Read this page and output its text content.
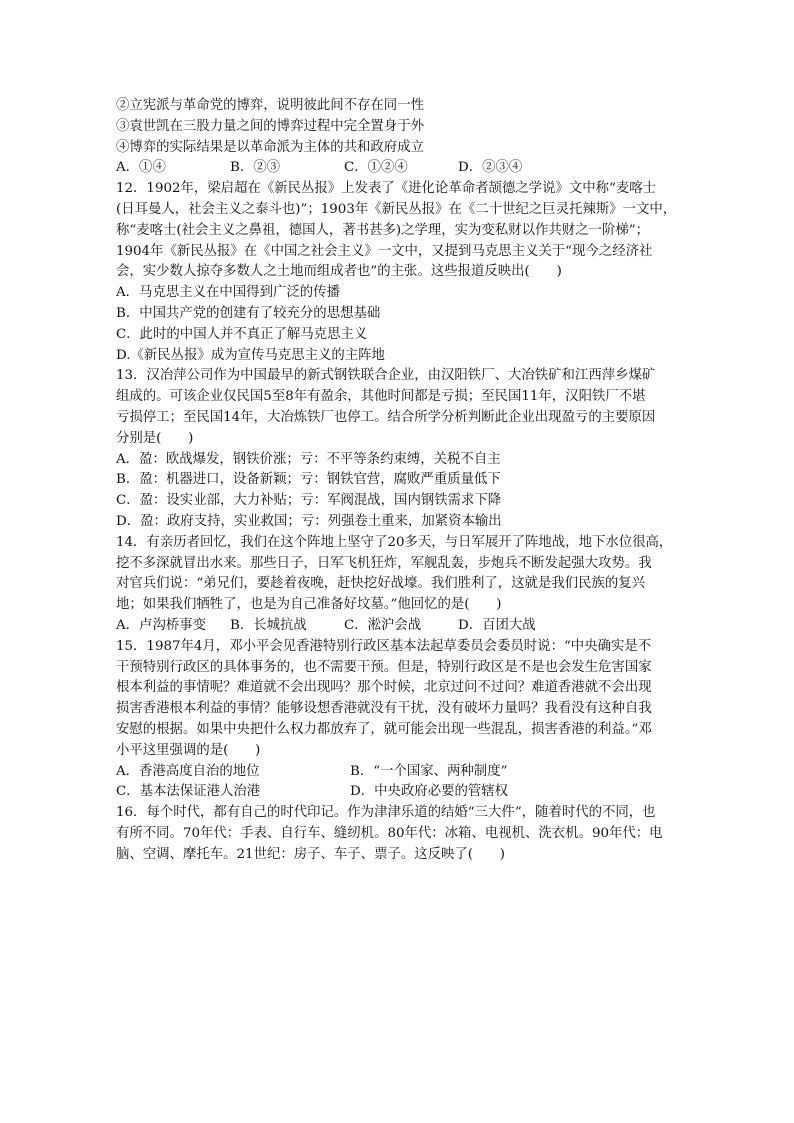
②立宪派与革命党的博弈，说明彼此间不存在同一性
③袁世凯在三股力量之间的博弈过程中完全置身于外
④博弈的实际结果是以革命派为主体的共和政府成立
A．①④	B．②③	C．①②④	D．②③④
12．1902年，梁启超在《新民丛报》上发表了《进化论革命者颉德之学说》文中称“麦喀士
(日耳曼人，社会主义之泰斗也)”；1903年《新民丛报》在《二十世纪之巨灵托辣斯》一文中，
称“麦喀士(社会主义之鼻祖，德国人，著书甚多)之学理，实为变私财以作共财之一阶梯”；
1904年《新民丛报》在《中国之社会主义》一文中，又提到马克思主义关于“现今之经济社
会，实少数人掠夺多数人之土地而组成者也”的主张。这些报道反映出(　　)
A．马克思主义在中国得到广泛的传播
B．中国共产党的创建有了较充分的思想基础
C．此时的中国人并不真正了解马克思主义
D.《新民丛报》成为宣传马克思主义的主阵地
13．汉冶萍公司作为中国最早的新式钢铁联合企业，由汉阳铁厂、大冶铁矿和江西萍乡煤矿
组成的。可该企业仅民国5至8年有盈余，其他时间都是亏损；至民国11年，汉阳铁厂不堪
亏损停工；至民国14年，大冶炼铁厂也停工。结合所学分析判断此企业出现盈亏的主要原因
分别是(　　)
A．盈：欧战爆发，钢铁价涨；亏：不平等条约束缚，关税不自主
B．盈：机器进口，设备新颖；亏：钢铁官营，腐败严重质量低下
C．盈：设实业部，大力补贴；亏：军阀混战，国内钢铁需求下降
D．盈：政府支持，实业救国；亏：列强卷土重来，加紧资本输出
14．有亲历者回忆，我们在这个阵地上坚守了20多天，与日军展开了阵地战，地下水位很高，
挖不多深就冒出水来。那些日子，日军飞机狂炸，军舰乱轰，步炮兵不断发起强大攻势。我
对官兵们说：“弟兄们，要趁着夜晚，赶快挖好战壕。我们胜利了，这就是我们民族的复兴
地；如果我们牺牲了，也是为自己准备好坟墓。”他回忆的是(　　)
A．卢沟桥事变	B．长城抗战	C．淞沪会战	D．百团大战
15．1987年4月，邓小平会见香港特别行政区基本法起草委员会委员时说：“中央确实是不
干预特别行政区的具体事务的，也不需要干预。但是，特别行政区是不是也会发生危害国家
根本利益的事情呢？难道就不会出现吗？那个时候，北京过问不过问？难道香港就不会出现
损害香港根本利益的事情？能够设想香港就没有干扰，没有破坏力量吗？我看没有这种自我
安慰的根据。如果中央把什么权力都放弃了，就可能会出现一些混乱，损害香港的利益。”邓
小平这里强调的是(　　)
A．香港高度自治的地位	B．“一个国家、两种制度”
C．基本法保证港人治港	D．中央政府必要的管辖权
16．每个时代，都有自己的时代印记。作为津津乐道的结婚“三大件”，随着时代的不同，也
有所不同。70年代：手表、自行车、缝纫机。80年代：冰箱、电视机、洗衣机。90年代：电
脑、空调、摩托车。21世纪：房子、车子、票子。这反映了(　　)
